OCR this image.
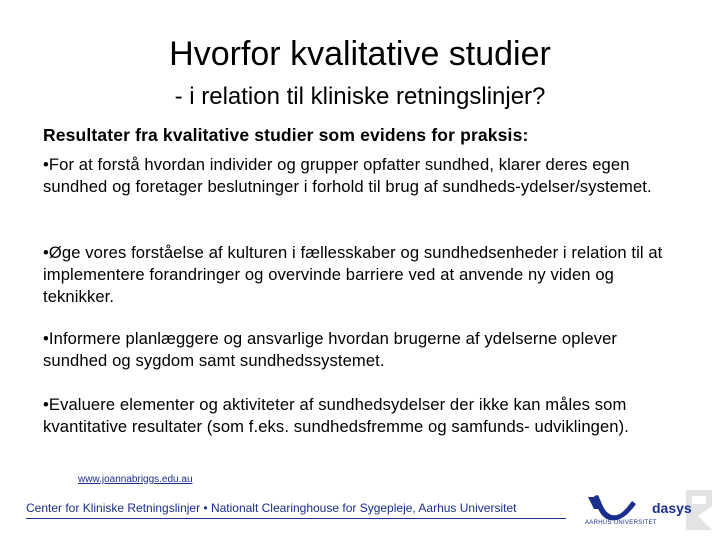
Hvorfor kvalitative studier
- i relation til kliniske retningslinjer?

Resultater fra kvalitative studier som evidens for praksis:

•For at forstå hvordan individer og grupper opfatter sundhed, klarer deres egen sundhed og foretager beslutninger i forhold til brug af sundheds-ydelser/systemet.

•Øge vores forståelse af kulturen i fællesskaber og sundhedsenheder i relation til at implementere forandringer og overvinde barriere ved at anvende ny viden og teknikker.

•Informere planlæggere og ansvarlige hvordan brugerne af ydelserne oplever sundhed og sygdom samt sundhedssystemet.

•Evaluere elementer og aktiviteter af sundhedsydelser der ikke kan måles som kvantitative resultater (som f.eks. sundhedsfremme og samfunds- udviklingen).

www.joannabriggs.edu.au
Center for Kliniske Retningslinjer • Nationalt Clearinghouse for Sygepleje, Aarhus Universitet
AARHUS UNIVERSITET
dasys
